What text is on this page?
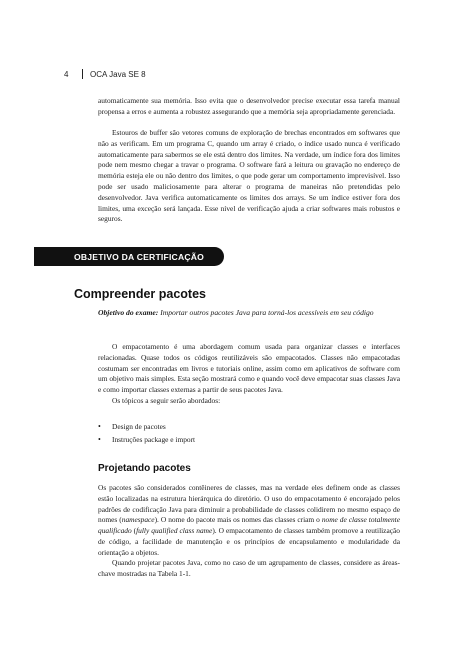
4	OCA Java SE 8

automaticamente sua memória. Isso evita que o desenvolvedor precise executar essa tarefa manual propensa a erros e aumenta a robustez assegurando que a memória seja apropriadamente gerenciada.

Estouros de buffer são vetores comuns de exploração de brechas encontrados em softwares que não as verificam. Em um programa C, quando um array é criado, o índice usado nunca é verificado automaticamente para sabermos se ele está dentro dos limites. Na verdade, um índice fora dos limites pode nem mesmo chegar a travar o programa. O software fará a leitura ou gravação no endereço de memória esteja ele ou não dentro dos limites, o que pode gerar um comportamento imprevisível. Isso pode ser usado maliciosamente para alterar o programa de maneiras não pretendidas pelo desenvolvedor. Java verifica automaticamente os limites dos arrays. Se um índice estiver fora dos limites, uma exceção será lançada. Esse nível de verificação ajuda a criar softwares mais robustos e seguros.

OBJETIVO DA CERTIFICAÇÃO
Compreender pacotes

Objetivo do exame: Importar outros pacotes Java para torná-los acessíveis em seu código

O empacotamento é uma abordagem comum usada para organizar classes e interfaces relacionadas. Quase todos os códigos reutilizáveis são empacotados. Classes não empacotadas costumam ser encontradas em livros e tutoriais online, assim como em aplicativos de software com um objetivo mais simples. Esta seção mostrará como e quando você deve empacotar suas classes Java e como importar classes externas a partir de seus pacotes Java.

Os tópicos a seguir serão abordados:

• Design de pacotes
• Instruções package e import
Projetando pacotes

Os pacotes são considerados contêineres de classes, mas na verdade eles definem onde as classes estão localizadas na estrutura hierárquica do diretório. O uso do empacotamento é encorajado pelos padrões de codificação Java para diminuir a probabilidade de classes colidirem no mesmo espaço de nomes (namespace). O nome do pacote mais os nomes das classes criam o nome de classe totalmente qualificado (fully qualified class name). O empacotamento de classes também promove a reutilização de código, a facilidade de manutenção e os princípios de encapsulamento e modularidade da orientação a objetos.

Quando projetar pacotes Java, como no caso de um agrupamento de classes, considere as áreas-chave mostradas na Tabela 1-1.
